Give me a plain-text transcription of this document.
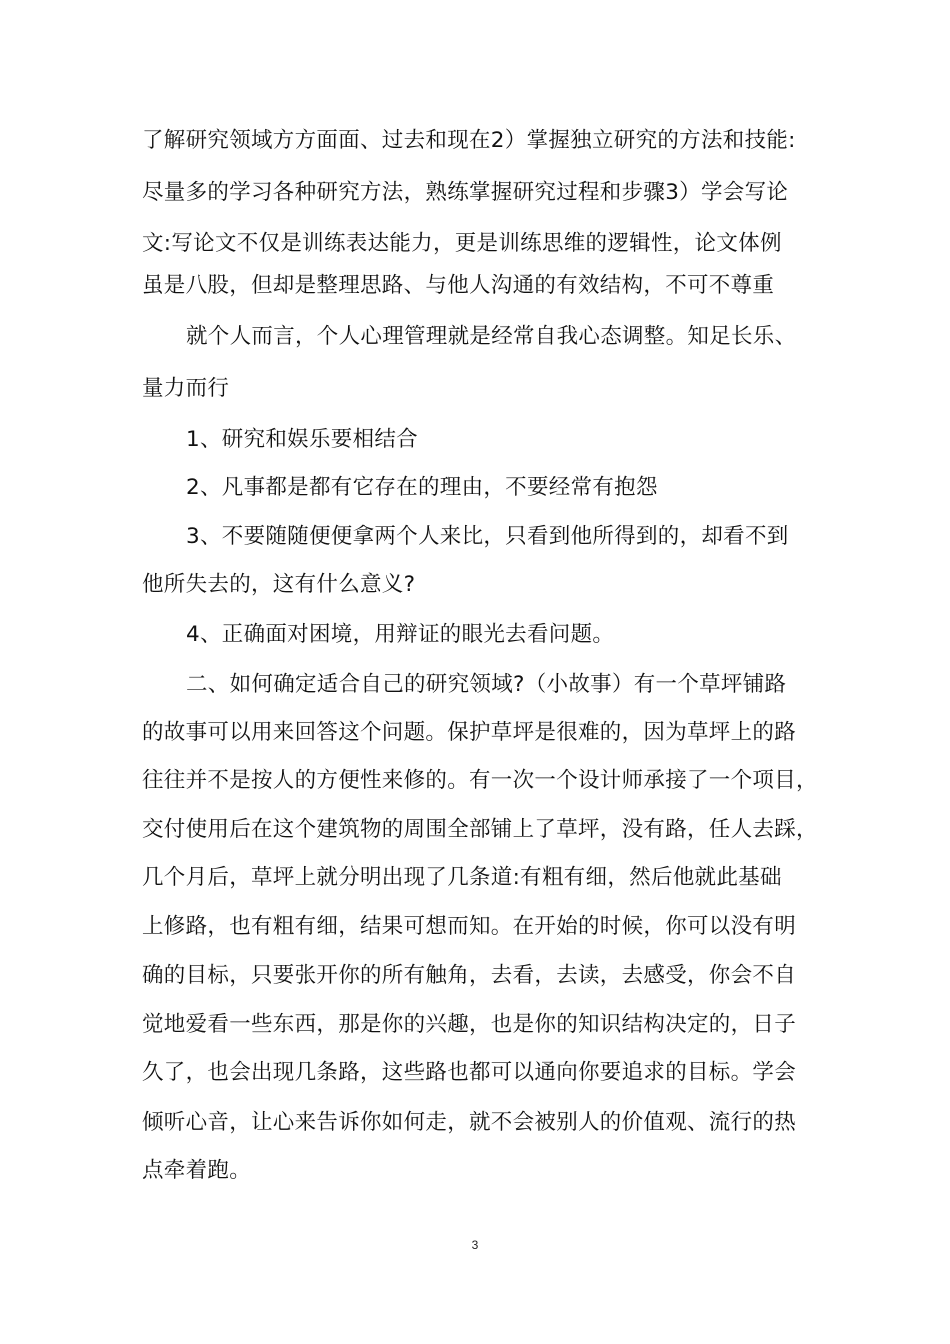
了解研究领域方方面面、过去和现在2）掌握独立研究的方法和技能:
尽量多的学习各种研究方法，熟练掌握研究过程和步骤3）学会写论
文:写论文不仅是训练表达能力，更是训练思维的逻辑性，论文体例
虽是八股，但却是整理思路、与他人沟通的有效结构，不可不尊重
就个人而言，个人心理管理就是经常自我心态调整。知足长乐、
量力而行
1、研究和娱乐要相结合
2、凡事都是都有它存在的理由，不要经常有抱怨
3、不要随随便便拿两个人来比，只看到他所得到的，却看不到
他所失去的，这有什么意义?
4、正确面对困境，用辩证的眼光去看问题。
二、如何确定适合自己的研究领域?（小故事）有一个草坪铺路
的故事可以用来回答这个问题。保护草坪是很难的，因为草坪上的路
往往并不是按人的方便性来修的。有一次一个设计师承接了一个项目，
交付使用后在这个建筑物的周围全部铺上了草坪，没有路，任人去踩，
几个月后，草坪上就分明出现了几条道:有粗有细，然后他就此基础
上修路，也有粗有细，结果可想而知。在开始的时候，你可以没有明
确的目标，只要张开你的所有触角，去看，去读，去感受，你会不自
觉地爱看一些东西，那是你的兴趣，也是你的知识结构决定的，日子
久了，也会出现几条路，这些路也都可以通向你要追求的目标。学会
倾听心音，让心来告诉你如何走，就不会被别人的价值观、流行的热
点牵着跑。
3
